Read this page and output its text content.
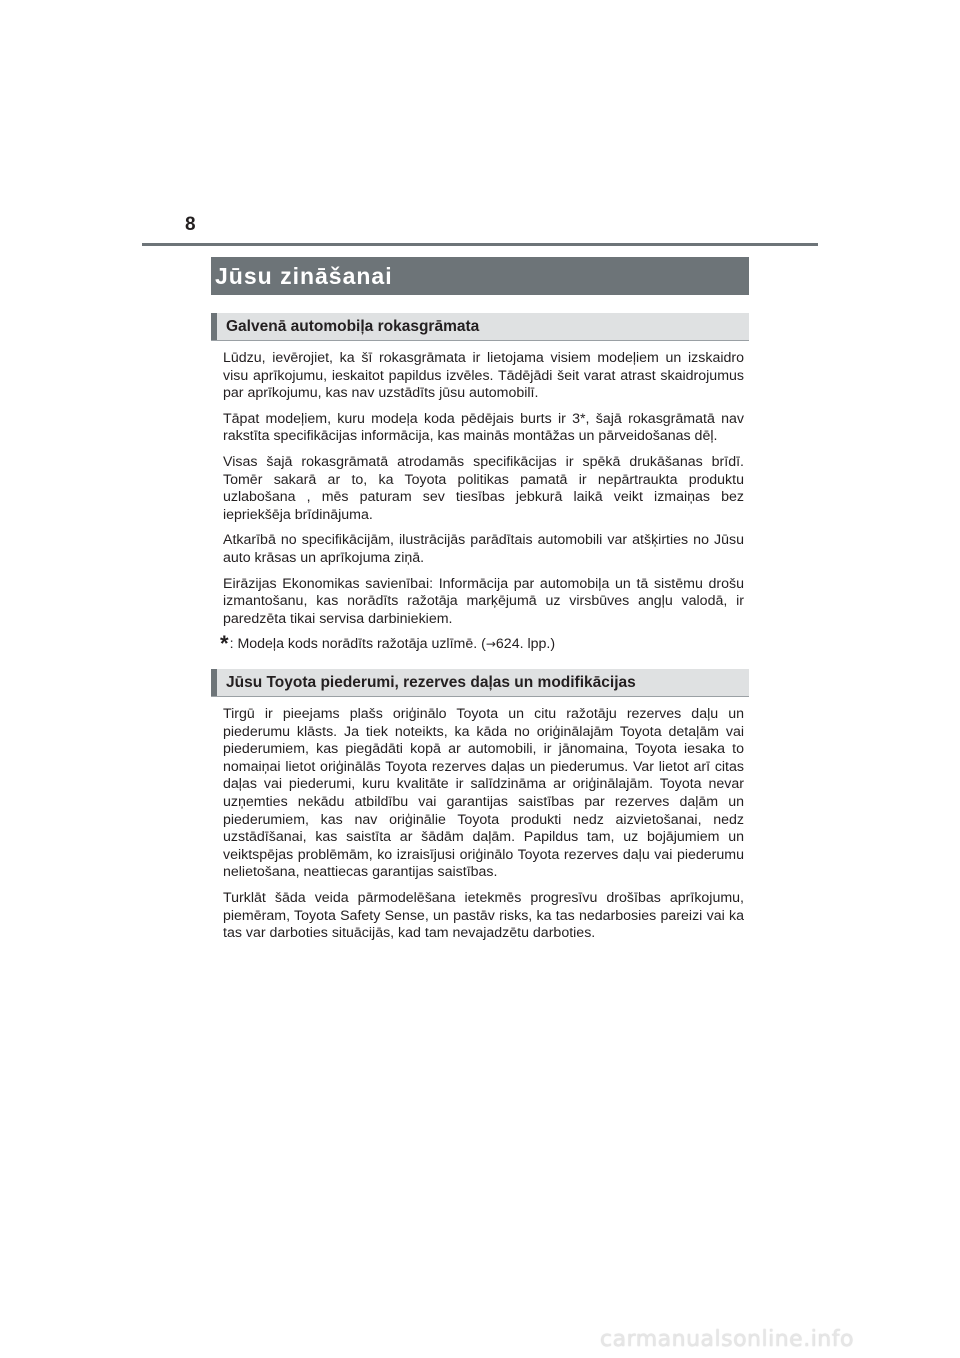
8
Jūsu zināšanai
Galvenā automobiļa rokasgrāmata

Lūdzu, ievērojiet, ka šī rokasgrāmata ir lietojama visiem modeļiem un izskaidro visu aprīkojumu, ieskaitot papildus izvēles. Tādējādi šeit varat atrast skaidrojumus par aprīkojumu, kas nav uzstādīts jūsu automobilī.

Tāpat modeļiem, kuru modeļa koda pēdējais burts ir 3*, šajā rokasgrāmatā nav rakstīta specifikācijas informācija, kas mainās montāžas un pārveidošanas dēļ.

Visas šajā rokasgrāmatā atrodamās specifikācijas ir spēkā drukāšanas brīdī. Tomēr sakarā ar to, ka Toyota politikas pamatā ir nepārtraukta produktu uzlabošana , mēs paturam sev tiesības jebkurā laikā veikt izmaiņas bez iepriekšēja brīdinājuma.

Atkarībā no specifikācijām, ilustrācijās parādītais automobili var atšķirties no Jūsu auto krāsas un aprīkojuma ziņā.

Eirāzijas Ekonomikas savienībai: Informācija par automobiļa un tā sistēmu drošu izmantošanu, kas norādīts ražotāja marķējumā uz virsbūves angļu valodā, ir paredzēta tikai servisa darbiniekiem.

*: Modeļa kods norādīts ražotāja uzlīmē. (→624. lpp.)
Jūsu Toyota piederumi, rezerves daļas un modifikācijas

Tirgū ir pieejams plašs oriģinālo Toyota un citu ražotāju rezerves daļu un piederumu klāsts. Ja tiek noteikts, ka kāda no oriģinālajām Toyota detaļām vai piederumiem, kas piegādāti kopā ar automobili, ir jānomaina, Toyota iesaka to nomaiņai lietot oriģinālās Toyota rezerves daļas un piederumus. Var lietot arī citas daļas vai piederumi, kuru kvalitāte ir salīdzināma ar oriģinālajām. Toyota nevar uzņemties nekādu atbildību vai garantijas saistības par rezerves daļām un piederumiem, kas nav oriģinālie Toyota produkti nedz aizvietošanai, nedz uzstādīšanai, kas saistīta ar šādām daļām. Papildus tam, uz bojājumiem un veiktspējas problēmām, ko izraisījusi oriģinālo Toyota rezerves daļu vai piederumu nelietošana, neattiecas garantijas saistības.

Turklāt šāda veida pārmodelēšana ietekmēs progresīvu drošības aprīkojumu, piemēram, Toyota Safety Sense, un pastāv risks, ka tas nedarbosies pareizi vai ka tas var darboties situācijās, kad tam nevajadzētu darboties.

carmanualsonline.info
